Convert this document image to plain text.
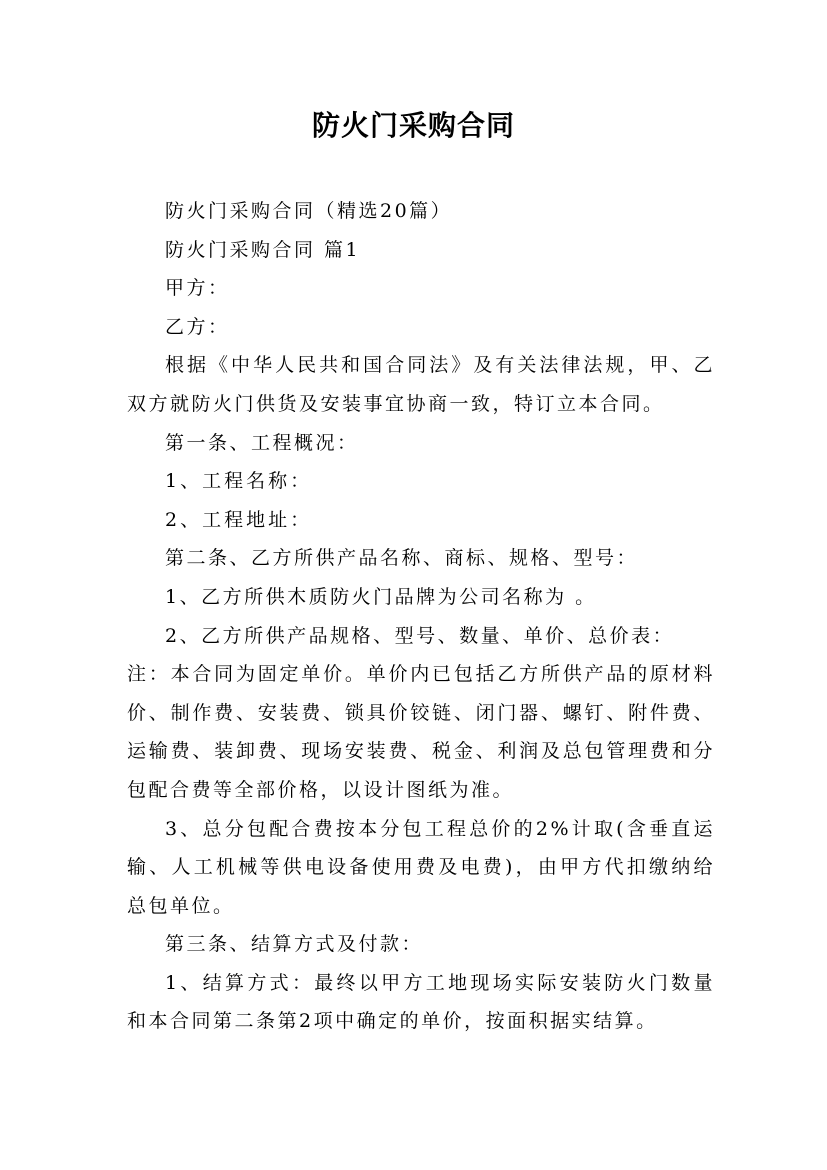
防火门采购合同

防火门采购合同（精选20篇）

防火门采购合同 篇1

甲方：

乙方：

根据《中华人民共和国合同法》及有关法律法规，甲、乙双方就防火门供货及安装事宜协商一致，特订立本合同。

第一条、工程概况：

1、工程名称：

2、工程地址：

第二条、乙方所供产品名称、商标、规格、型号：

1、乙方所供木质防火门品牌为公司名称为 。

2、乙方所供产品规格、型号、数量、单价、总价表：

注：本合同为固定单价。单价内已包括乙方所供产品的原材料价、制作费、安装费、锁具价铰链、闭门器、螺钉、附件费、运输费、装卸费、现场安装费、税金、利润及总包管理费和分包配合费等全部价格，以设计图纸为准。

3、总分包配合费按本分包工程总价的2%计取(含垂直运输、人工机械等供电设备使用费及电费)，由甲方代扣缴纳给总包单位。

第三条、结算方式及付款：

1、结算方式：最终以甲方工地现场实际安装防火门数量和本合同第二条第2项中确定的单价，按面积据实结算。
